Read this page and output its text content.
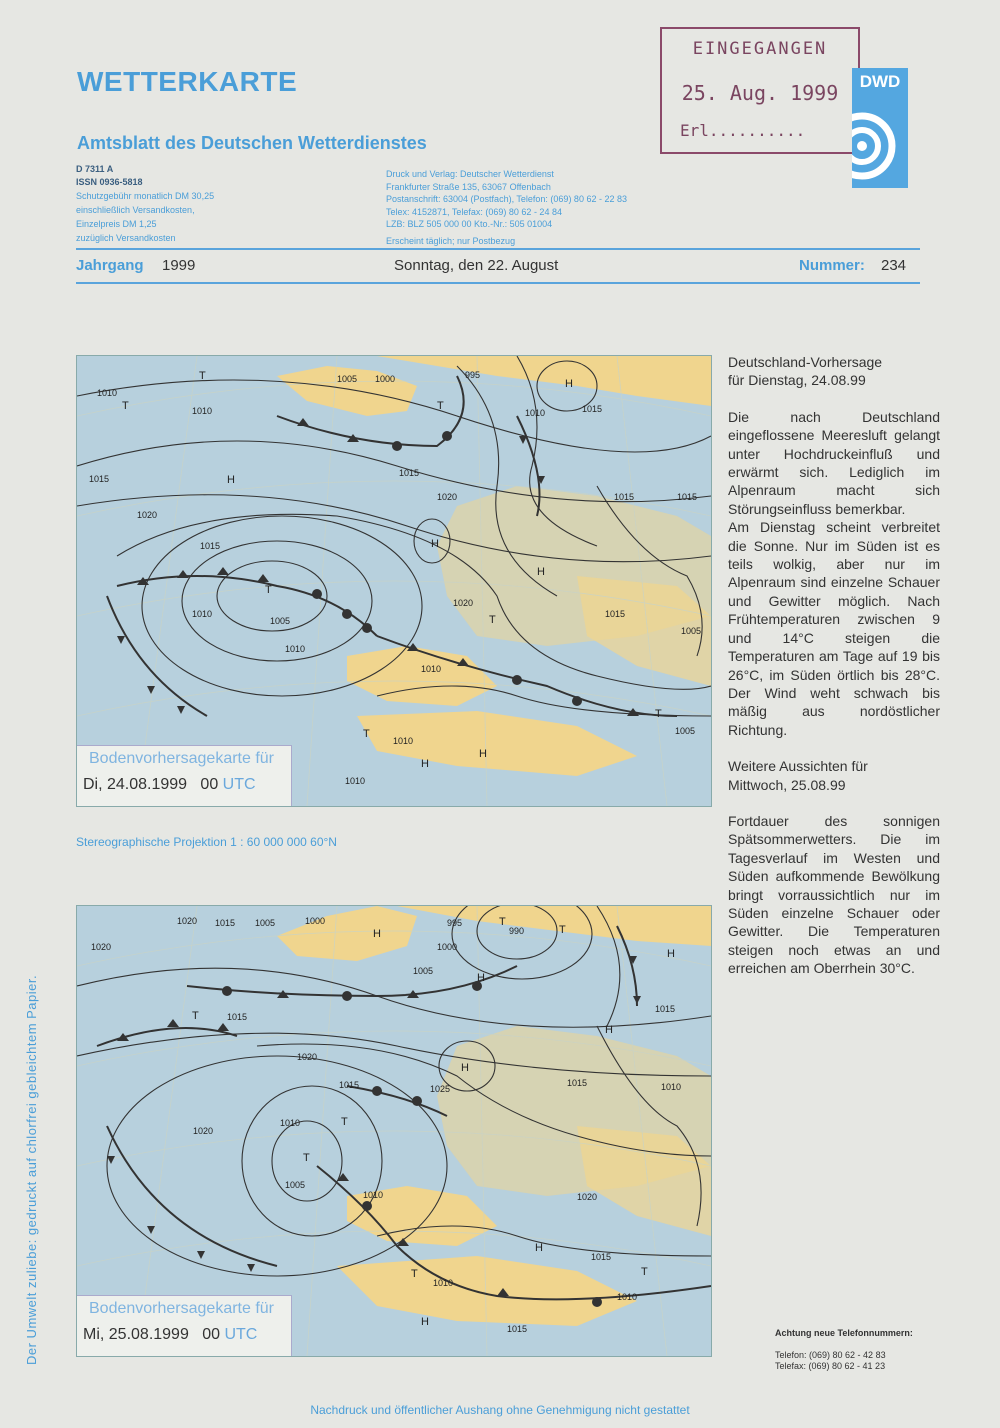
WETTERKARTE
Amtsblatt des Deutschen Wetterdienstes
D 7311 A
ISSN 0936-5818
Schutzgebühr monatlich DM 30,25
einschließlich Versandkosten,
Einzelpreis DM 1,25
zuzüglich Versandkosten
Druck und Verlag: Deutscher Wetterdienst
Frankfurter Straße 135, 63067 Offenbach
Postanschrift: 63004 (Postfach), Telefon: (069) 80 62 - 22 83
Telex: 4152871, Telefax: (069) 80 62 - 24 84
LZB: BLZ 505 000 00 Kto.-Nr.: 505 01004
Erscheint täglich; nur Postbezug
EINGEGANGEN
25. Aug. 1999
Erl..........
DWD
Jahrgang 1999	Sonntag, den 22. August	Nummer: 234
1010
1005 1000	995
1010	1015
1010
1015
1020
1020
1015
1010
1005
1010
1020
1015
1015
1015
1010
1005
1010
1010
1015
1005
H
H
H
H
H
H
T
T	T
T
T
T
T
Bodenvorhersagekarte für
Di, 24.08.1999 00 UTC
Stereographische Projektion 1 : 60 000 000 60°N
1020 1015 1005	1000	995
990
1020	1000
1005
1015
1015
1020
1015
1025
1020
1010
1005
1020
1015
1010
1010
1015
1010
1015
1010
H
H
H
H
H
H
H
T
T
T
T
T	T
T
Bodenvorhersagekarte für
Mi, 25.08.1999 00 UTC

Deutschland-Vorhersage

für Dienstag, 24.08.99

Die nach Deutschland eingeflossene Meeresluft gelangt unter Hochdruckeinfluß und erwärmt sich. Lediglich im Alpenraum macht sich Störungseinfluss bemerkbar.

Am Dienstag scheint verbreitet die Sonne. Nur im Süden ist es teils wolkig, aber nur im Alpenraum sind einzelne Schauer und Gewitter möglich. Nach Frühtemperaturen zwischen 9 und 14°C steigen die Temperaturen am Tage auf 19 bis 26°C, im Süden örtlich bis 28°C. Der Wind weht schwach bis mäßig aus nordöstlicher Richtung.

Weitere Aussichten für

Mittwoch, 25.08.99

Fortdauer des sonnigen Spätsommerwetters. Die im Tagesverlauf im Westen und Süden aufkommende Bewölkung bringt vorraussichtlich nur im Süden einzelne Schauer oder Gewitter. Die Temperaturen steigen noch etwas an und erreichen am Oberrhein 30°C.

Achtung neue Telefonnummern:
Telefon: (069) 80 62 - 42 83
Telefax: (069) 80 62 - 41 23
Der Umwelt zuliebe: gedruckt auf chlorfrei gebleichtem Papier.
Nachdruck und öffentlicher Aushang ohne Genehmigung nicht gestattet
